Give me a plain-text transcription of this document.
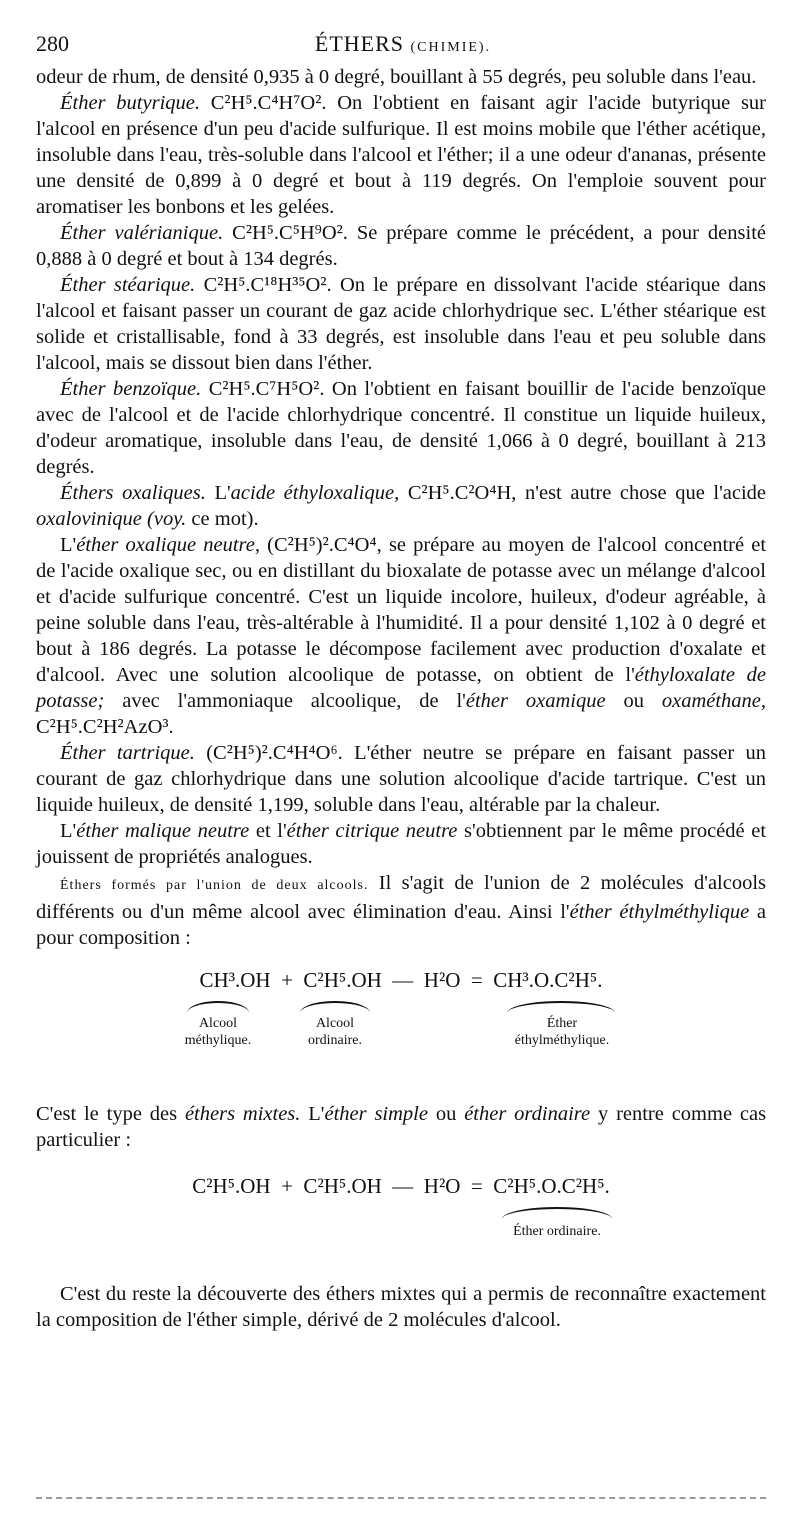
280	ÉTHERS (CHIMIE).

odeur de rhum, de densité 0,935 à 0 degré, bouillant à 55 degrés, peu soluble dans l'eau.

Éther butyrique. C²H⁵.C⁴H⁷O². On l'obtient en faisant agir l'acide butyrique sur l'alcool en présence d'un peu d'acide sulfurique. Il est moins mobile que l'éther acétique, insoluble dans l'eau, très-soluble dans l'alcool et l'éther; il a une odeur d'ananas, présente une densité de 0,899 à 0 degré et bout à 119 degrés. On l'emploie souvent pour aromatiser les bonbons et les gelées.

Éther valérianique. C²H⁵.C⁵H⁹O². Se prépare comme le précédent, a pour densité 0,888 à 0 degré et bout à 134 degrés.

Éther stéarique. C²H⁵.C¹⁸H³⁵O². On le prépare en dissolvant l'acide stéarique dans l'alcool et faisant passer un courant de gaz acide chlorhydrique sec. L'éther stéarique est solide et cristallisable, fond à 33 degrés, est insoluble dans l'eau et peu soluble dans l'alcool, mais se dissout bien dans l'éther.

Éther benzoïque. C²H⁵.C⁷H⁵O². On l'obtient en faisant bouillir de l'acide benzoïque avec de l'alcool et de l'acide chlorhydrique concentré. Il constitue un liquide huileux, d'odeur aromatique, insoluble dans l'eau, de densité 1,066 à 0 degré, bouillant à 213 degrés.

Éthers oxaliques. L'acide éthyloxalique, C²H⁵.C²O⁴H, n'est autre chose que l'acide oxalovinique (voy. ce mot).

L'éther oxalique neutre, (C²H⁵)².C⁴O⁴, se prépare au moyen de l'alcool concentré et de l'acide oxalique sec, ou en distillant du bioxalate de potasse avec un mélange d'alcool et d'acide sulfurique concentré. C'est un liquide incolore, huileux, d'odeur agréable, à peine soluble dans l'eau, très-altérable à l'humidité. Il a pour densité 1,102 à 0 degré et bout à 186 degrés. La potasse le décompose facilement avec production d'oxalate et d'alcool. Avec une solution alcoolique de potasse, on obtient de l'éthyloxalate de potasse; avec l'ammoniaque alcoolique, de l'éther oxamique ou oxaméthane, C²H⁵.C²H²AzO³.

Éther tartrique. (C²H⁵)².C⁴H⁴O⁶. L'éther neutre se prépare en faisant passer un courant de gaz chlorhydrique dans une solution alcoolique d'acide tartrique. C'est un liquide huileux, de densité 1,199, soluble dans l'eau, altérable par la chaleur.

L'éther malique neutre et l'éther citrique neutre s'obtiennent par le même procédé et jouissent de propriétés analogues.

Éthers formés par l'union de deux alcools. Il s'agit de l'union de 2 molécules d'alcools différents ou d'un même alcool avec élimination d'eau. Ainsi l'éther éthylméthylique a pour composition :

CH³.OH  +  C²H⁵.OH  —  H²O  =  CH³.O.C²H⁵.
Alcool
méthylique.
Alcool
ordinaire.
Éther
éthylméthylique.

C'est le type des éthers mixtes. L'éther simple ou éther ordinaire y rentre comme cas particulier :

C²H⁵.OH  +  C²H⁵.OH  —  H²O  =  C²H⁵.O.C²H⁵.
Éther ordinaire.

C'est du reste la découverte des éthers mixtes qui a permis de reconnaître exactement la composition de l'éther simple, dérivé de 2 molécules d'alcool.
